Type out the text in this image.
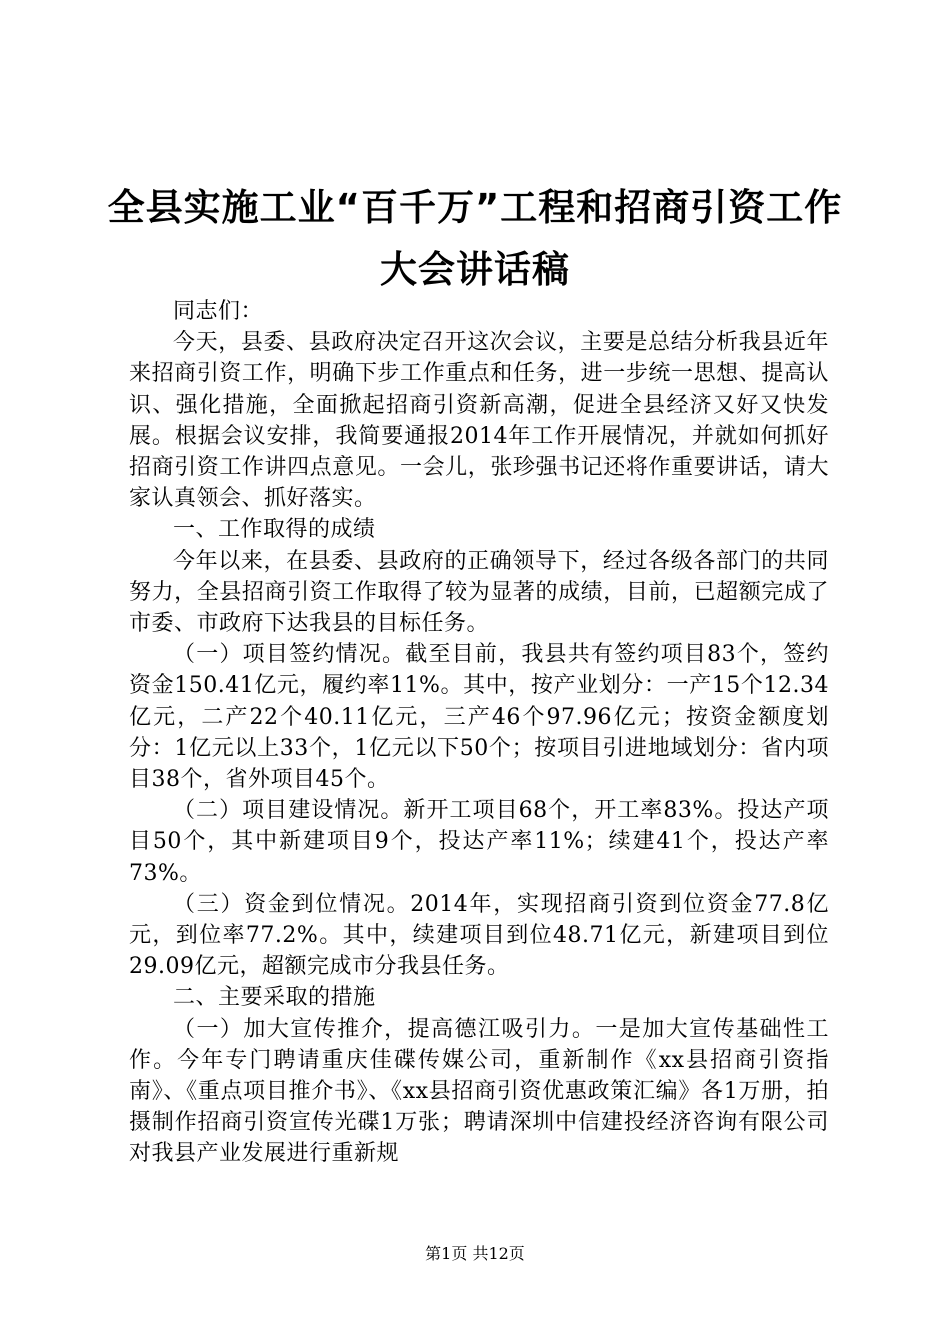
全县实施工业“百千万”工程和招商引资工作
大会讲话稿

同志们：

今天，县委、县政府决定召开这次会议，主要是总结分析我县近年来招商引资工作，明确下步工作重点和任务，进一步统一思想、提高认识、强化措施，全面掀起招商引资新高潮，促进全县经济又好又快发展。根据会议安排，我简要通报2014年工作开展情况，并就如何抓好招商引资工作讲四点意见。一会儿，张珍强书记还将作重要讲话，请大家认真领会、抓好落实。

一、工作取得的成绩

今年以来，在县委、县政府的正确领导下，经过各级各部门的共同努力，全县招商引资工作取得了较为显著的成绩，目前，已超额完成了市委、市政府下达我县的目标任务。

（一）项目签约情况。截至目前，我县共有签约项目83个，签约资金150.41亿元，履约率11%。其中，按产业划分：一产15个12.34亿元，二产22个40.11亿元，三产46个97.96亿元；按资金额度划分：1亿元以上33个，1亿元以下50个；按项目引进地域划分：省内项目38个，省外项目45个。

（二）项目建设情况。新开工项目68个，开工率83%。投达产项目50个，其中新建项目9个，投达产率11%；续建41个，投达产率73%。

（三）资金到位情况。2014年，实现招商引资到位资金77.8亿元，到位率77.2%。其中，续建项目到位48.71亿元，新建项目到位29.09亿元，超额完成市分我县任务。

二、主要采取的措施

（一）加大宣传推介，提高德江吸引力。一是加大宣传基础性工作。今年专门聘请重庆佳碟传媒公司，重新制作《xx县招商引资指南》、《重点项目推介书》、《xx县招商引资优惠政策汇编》各1万册，拍摄制作招商引资宣传光碟1万张；聘请深圳中信建投经济咨询有限公司对我县产业发展进行重新规

第1页 共12页
